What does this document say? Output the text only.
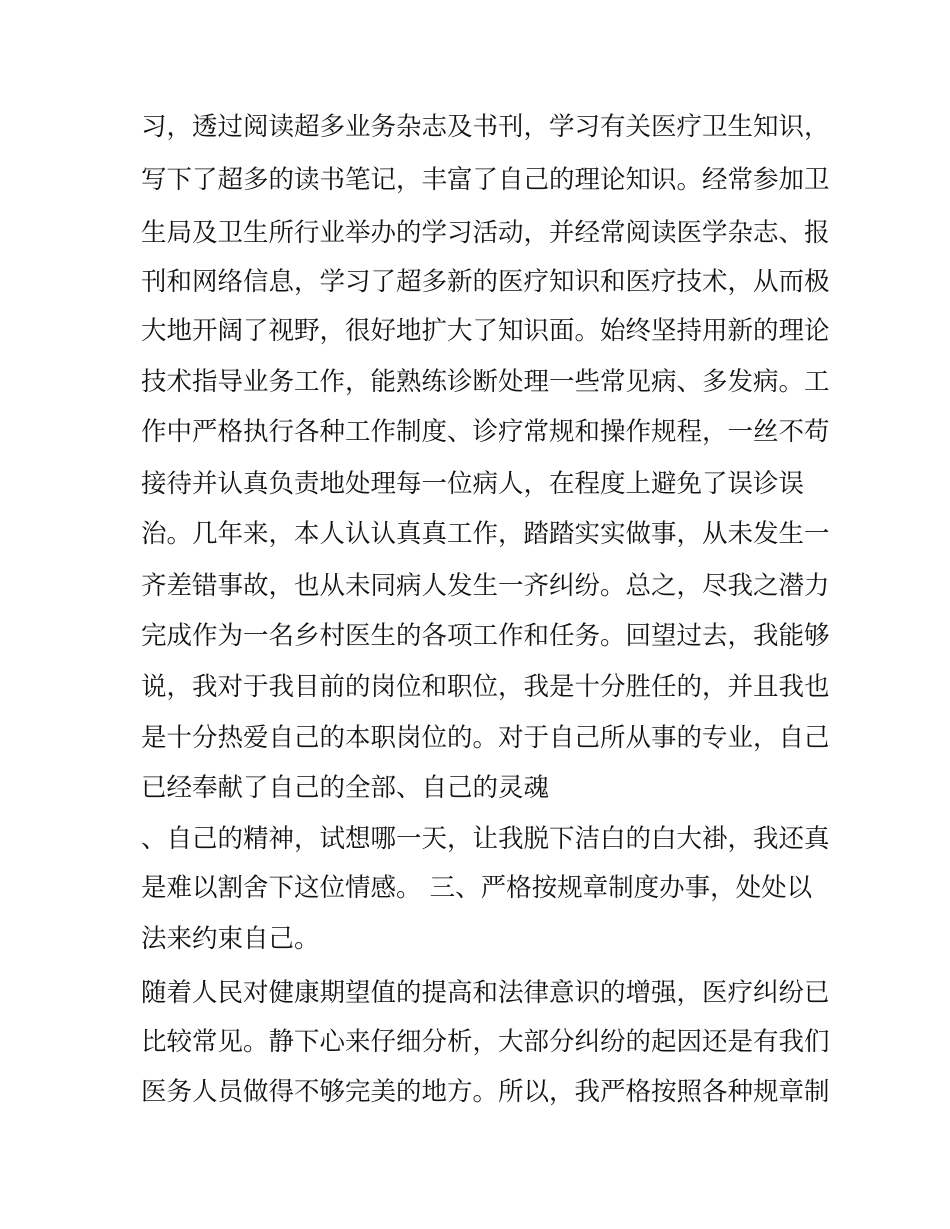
习，透过阅读超多业务杂志及书刊，学习有关医疗卫生知识，
写下了超多的读书笔记，丰富了自己的理论知识。经常参加卫
生局及卫生所行业举办的学习活动，并经常阅读医学杂志、报
刊和网络信息，学习了超多新的医疗知识和医疗技术，从而极
大地开阔了视野，很好地扩大了知识面。始终坚持用新的理论
技术指导业务工作，能熟练诊断处理一些常见病、多发病。工
作中严格执行各种工作制度、诊疗常规和操作规程，一丝不苟
接待并认真负责地处理每一位病人，在程度上避免了误诊误
治。几年来，本人认认真真工作，踏踏实实做事，从未发生一
齐差错事故，也从未同病人发生一齐纠纷。总之，尽我之潜力
完成作为一名乡村医生的各项工作和任务。回望过去，我能够
说，我对于我目前的岗位和职位，我是十分胜任的，并且我也
是十分热爱自己的本职岗位的。对于自己所从事的专业，自己
已经奉献了自己的全部、自己的灵魂
、自己的精神，试想哪一天，让我脱下洁白的白大褂，我还真
是难以割舍下这位情感。 三、严格按规章制度办事，处处以
法来约束自己。
随着人民对健康期望值的提高和法律意识的增强，医疗纠纷已
比较常见。静下心来仔细分析，大部分纠纷的起因还是有我们
医务人员做得不够完美的地方。所以，我严格按照各种规章制
